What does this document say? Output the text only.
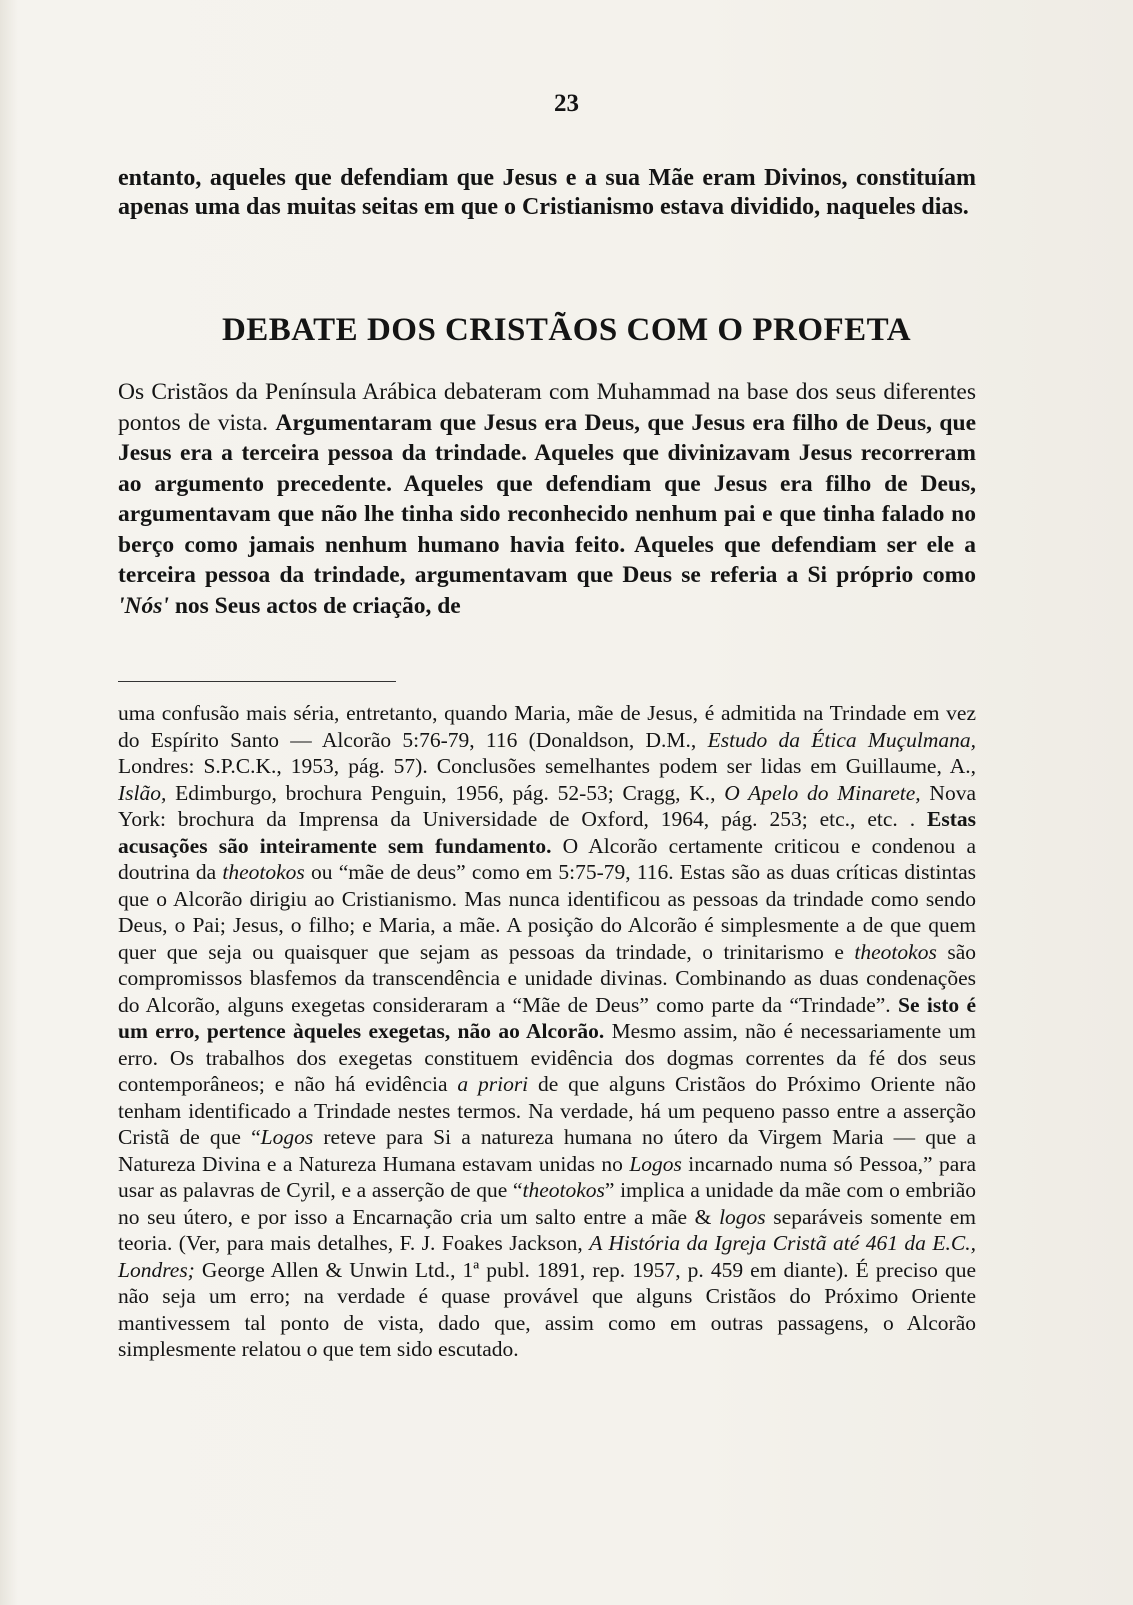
23

entanto, aqueles que defendiam que Jesus e a sua Mãe eram Divinos, constituíam apenas uma das muitas seitas em que o Cristianismo estava dividido, naqueles dias.

DEBATE DOS CRISTÃOS COM O PROFETA

Os Cristãos da Península Arábica debateram com Muhammad na base dos seus diferentes pontos de vista. Argumentaram que Jesus era Deus, que Jesus era filho de Deus, que Jesus era a terceira pessoa da trindade. Aqueles que divinizavam Jesus recorreram ao argumento precedente. Aqueles que defendiam que Jesus era filho de Deus, argumentavam que não lhe tinha sido reconhecido nenhum pai e que tinha falado no berço como jamais nenhum humano havia feito. Aqueles que defendiam ser ele a terceira pessoa da trindade, argumentavam que Deus se referia a Si próprio como 'Nós' nos Seus actos de criação, de

uma confusão mais séria, entretanto, quando Maria, mãe de Jesus, é admitida na Trindade em vez do Espírito Santo — Alcorão 5:76-79, 116 (Donaldson, D.M., Estudo da Ética Muçulmana, Londres: S.P.C.K., 1953, pág. 57). Conclusões semelhantes podem ser lidas em Guillaume, A., Islão, Edimburgo, brochura Penguin, 1956, pág. 52-53; Cragg, K., O Apelo do Minarete, Nova York: brochura da Imprensa da Universidade de Oxford, 1964, pág. 253; etc., etc. . Estas acusações são inteiramente sem fundamento. O Alcorão certamente criticou e condenou a doutrina da theotokos ou “mãe de deus” como em 5:75-79, 116. Estas são as duas críticas distintas que o Alcorão dirigiu ao Cristianismo. Mas nunca identificou as pessoas da trindade como sendo Deus, o Pai; Jesus, o filho; e Maria, a mãe. A posição do Alcorão é simplesmente a de que quem quer que seja ou quaisquer que sejam as pessoas da trindade, o trinitarismo e theotokos são compromissos blasfemos da transcendência e unidade divinas. Combinando as duas condenações do Alcorão, alguns exegetas consideraram a “Mãe de Deus” como parte da “Trindade”. Se isto é um erro, pertence àqueles exegetas, não ao Alcorão. Mesmo assim, não é necessariamente um erro. Os trabalhos dos exegetas constituem evidência dos dogmas correntes da fé dos seus contemporâneos; e não há evidência a priori de que alguns Cristãos do Próximo Oriente não tenham identificado a Trindade nestes termos. Na verdade, há um pequeno passo entre a asserção Cristã de que “Logos reteve para Si a natureza humana no útero da Virgem Maria — que a Natureza Divina e a Natureza Humana estavam unidas no Logos incarnado numa só Pessoa,” para usar as palavras de Cyril, e a asserção de que “theotokos” implica a unidade da mãe com o embrião no seu útero, e por isso a Encarnação cria um salto entre a mãe & logos separáveis somente em teoria. (Ver, para mais detalhes, F. J. Foakes Jackson, A História da Igreja Cristã até 461 da E.C., Londres; George Allen & Unwin Ltd., 1ª publ. 1891, rep. 1957, p. 459 em diante). É preciso que não seja um erro; na verdade é quase provável que alguns Cristãos do Próximo Oriente mantivessem tal ponto de vista, dado que, assim como em outras passagens, o Alcorão simplesmente relatou o que tem sido escutado.
